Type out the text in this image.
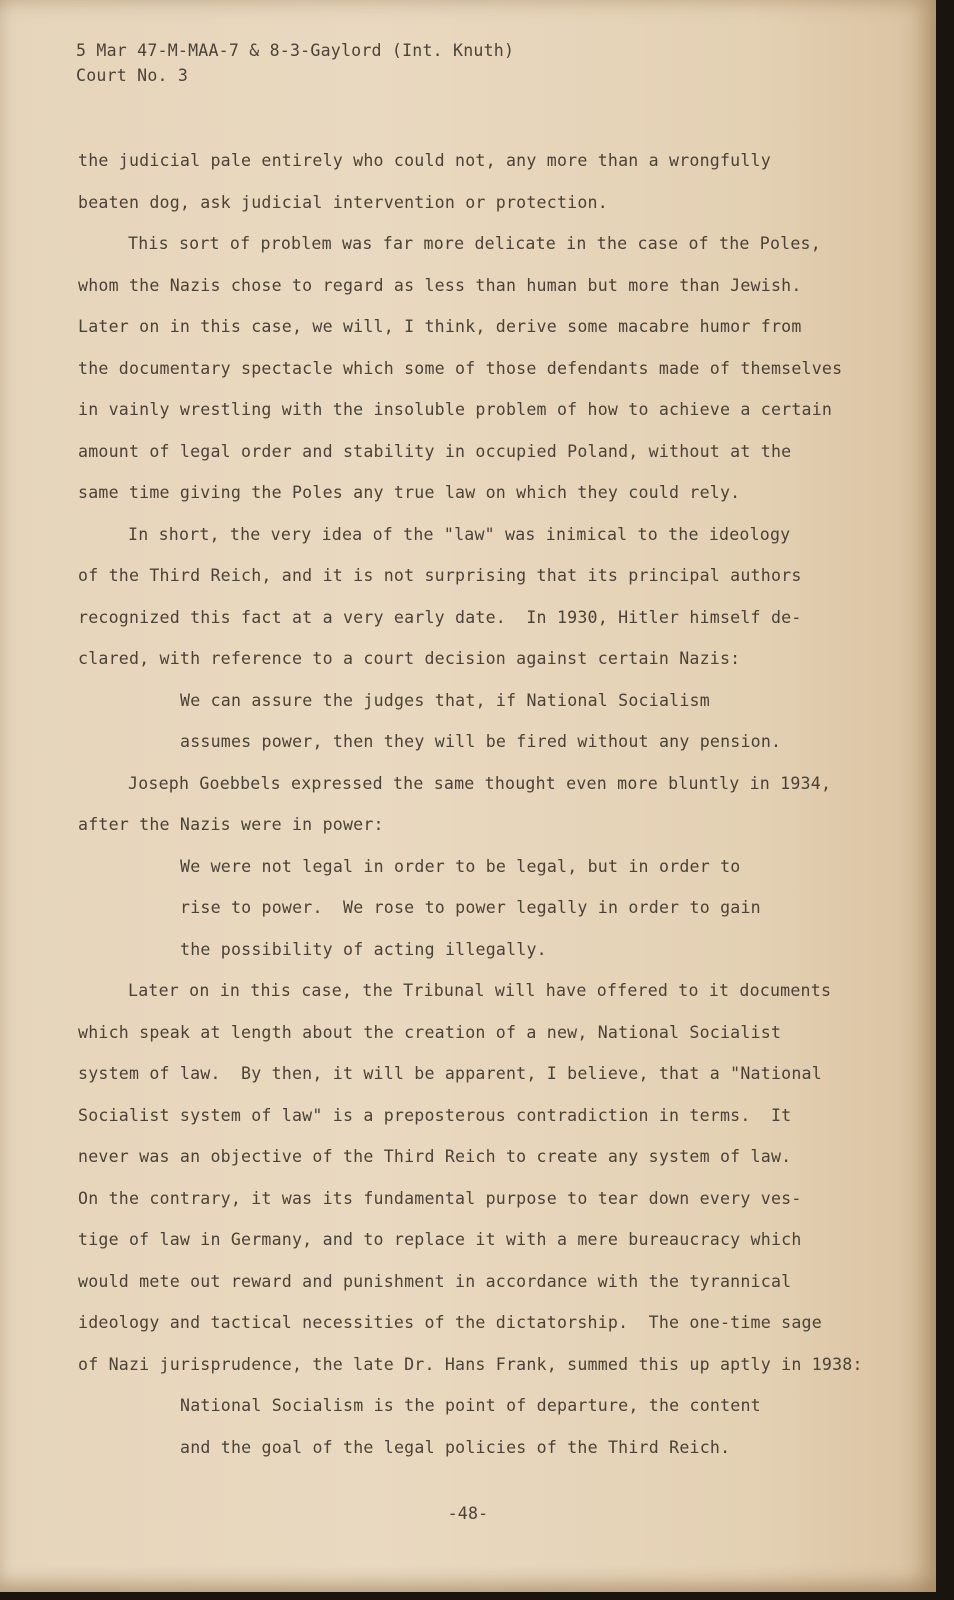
5 Mar 47-M-MAA-7 & 8-3-Gaylord (Int. Knuth)
Court No. 3
the judicial pale entirely who could not, any more than a wrongfully
beaten dog, ask judicial intervention or protection.
This sort of problem was far more delicate in the case of the Poles,
whom the Nazis chose to regard as less than human but more than Jewish.
Later on in this case, we will, I think, derive some macabre humor from
the documentary spectacle which some of those defendants made of themselves
in vainly wrestling with the insoluble problem of how to achieve a certain
amount of legal order and stability in occupied Poland, without at the
same time giving the Poles any true law on which they could rely.
In short, the very idea of the "law" was inimical to the ideology
of the Third Reich, and it is not surprising that its principal authors
recognized this fact at a very early date.  In 1930, Hitler himself de-
clared, with reference to a court decision against certain Nazis:
We can assure the judges that, if National Socialism
assumes power, then they will be fired without any pension.
Joseph Goebbels expressed the same thought even more bluntly in 1934,
after the Nazis were in power:
We were not legal in order to be legal, but in order to
rise to power.  We rose to power legally in order to gain
the possibility of acting illegally.
Later on in this case, the Tribunal will have offered to it documents
which speak at length about the creation of a new, National Socialist
system of law.  By then, it will be apparent, I believe, that a "National
Socialist system of law" is a preposterous contradiction in terms.  It
never was an objective of the Third Reich to create any system of law.
On the contrary, it was its fundamental purpose to tear down every ves-
tige of law in Germany, and to replace it with a mere bureaucracy which
would mete out reward and punishment in accordance with the tyrannical
ideology and tactical necessities of the dictatorship.  The one-time sage
of Nazi jurisprudence, the late Dr. Hans Frank, summed this up aptly in 1938:
National Socialism is the point of departure, the content
and the goal of the legal policies of the Third Reich.
-48-
